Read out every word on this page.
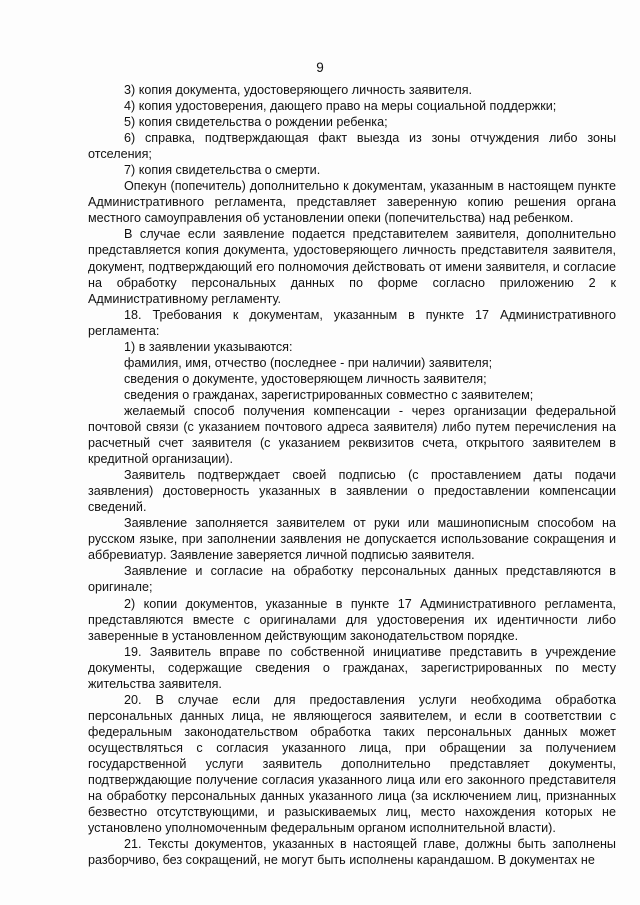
9

3) копия документа, удостоверяющего личность заявителя.

4) копия удостоверения, дающего право на меры социальной поддержки;

5) копия свидетельства о рождении ребенка;

6) справка, подтверждающая факт выезда из зоны отчуждения либо зоны отселения;

7) копия свидетельства о смерти.

Опекун (попечитель) дополнительно к документам, указанным в настоящем пункте Административного регламента, представляет заверенную копию решения органа местного самоуправления об установлении опеки (попечительства) над ребенком.

В случае если заявление подается представителем заявителя, дополнительно представляется копия документа, удостоверяющего личность представителя заявителя, документ, подтверждающий его полномочия действовать от имени заявителя, и согласие на обработку персональных данных по форме согласно приложению 2 к Административному регламенту.

18. Требования к документам, указанным в пункте 17 Административного регламента:

1) в заявлении указываются:

фамилия, имя, отчество (последнее - при наличии) заявителя;

сведения о документе, удостоверяющем личность заявителя;

сведения о гражданах, зарегистрированных совместно с заявителем;

желаемый способ получения компенсации - через организации федеральной почтовой связи (с указанием почтового адреса заявителя) либо путем перечисления на расчетный счет заявителя (с указанием реквизитов счета, открытого заявителем в кредитной организации).

Заявитель подтверждает своей подписью (с проставлением даты подачи заявления) достоверность указанных в заявлении о предоставлении компенсации сведений.

Заявление заполняется заявителем от руки или машинописным способом на русском языке, при заполнении заявления не допускается использование сокращения и аббревиатур. Заявление заверяется личной подписью заявителя.

Заявление и согласие на обработку персональных данных представляются в оригинале;

2) копии документов, указанные в пункте 17 Административного регламента, представляются вместе с оригиналами для удостоверения их идентичности либо заверенные в установленном действующим законодательством порядке.

19. Заявитель вправе по собственной инициативе представить в учреждение документы, содержащие сведения о гражданах, зарегистрированных по месту жительства заявителя.

20. В случае если для предоставления услуги необходима обработка персональных данных лица, не являющегося заявителем, и если в соответствии с федеральным законодательством обработка таких персональных данных может осуществляться с согласия указанного лица, при обращении за получением государственной услуги заявитель дополнительно представляет документы, подтверждающие получение согласия указанного лица или его законного представителя на обработку персональных данных указанного лица (за исключением лиц, признанных безвестно отсутствующими, и разыскиваемых лиц, место нахождения которых не установлено уполномоченным федеральным органом исполнительной власти).

21. Тексты документов, указанных в настоящей главе, должны быть заполнены разборчиво, без сокращений, не могут быть исполнены карандашом. В документах не
